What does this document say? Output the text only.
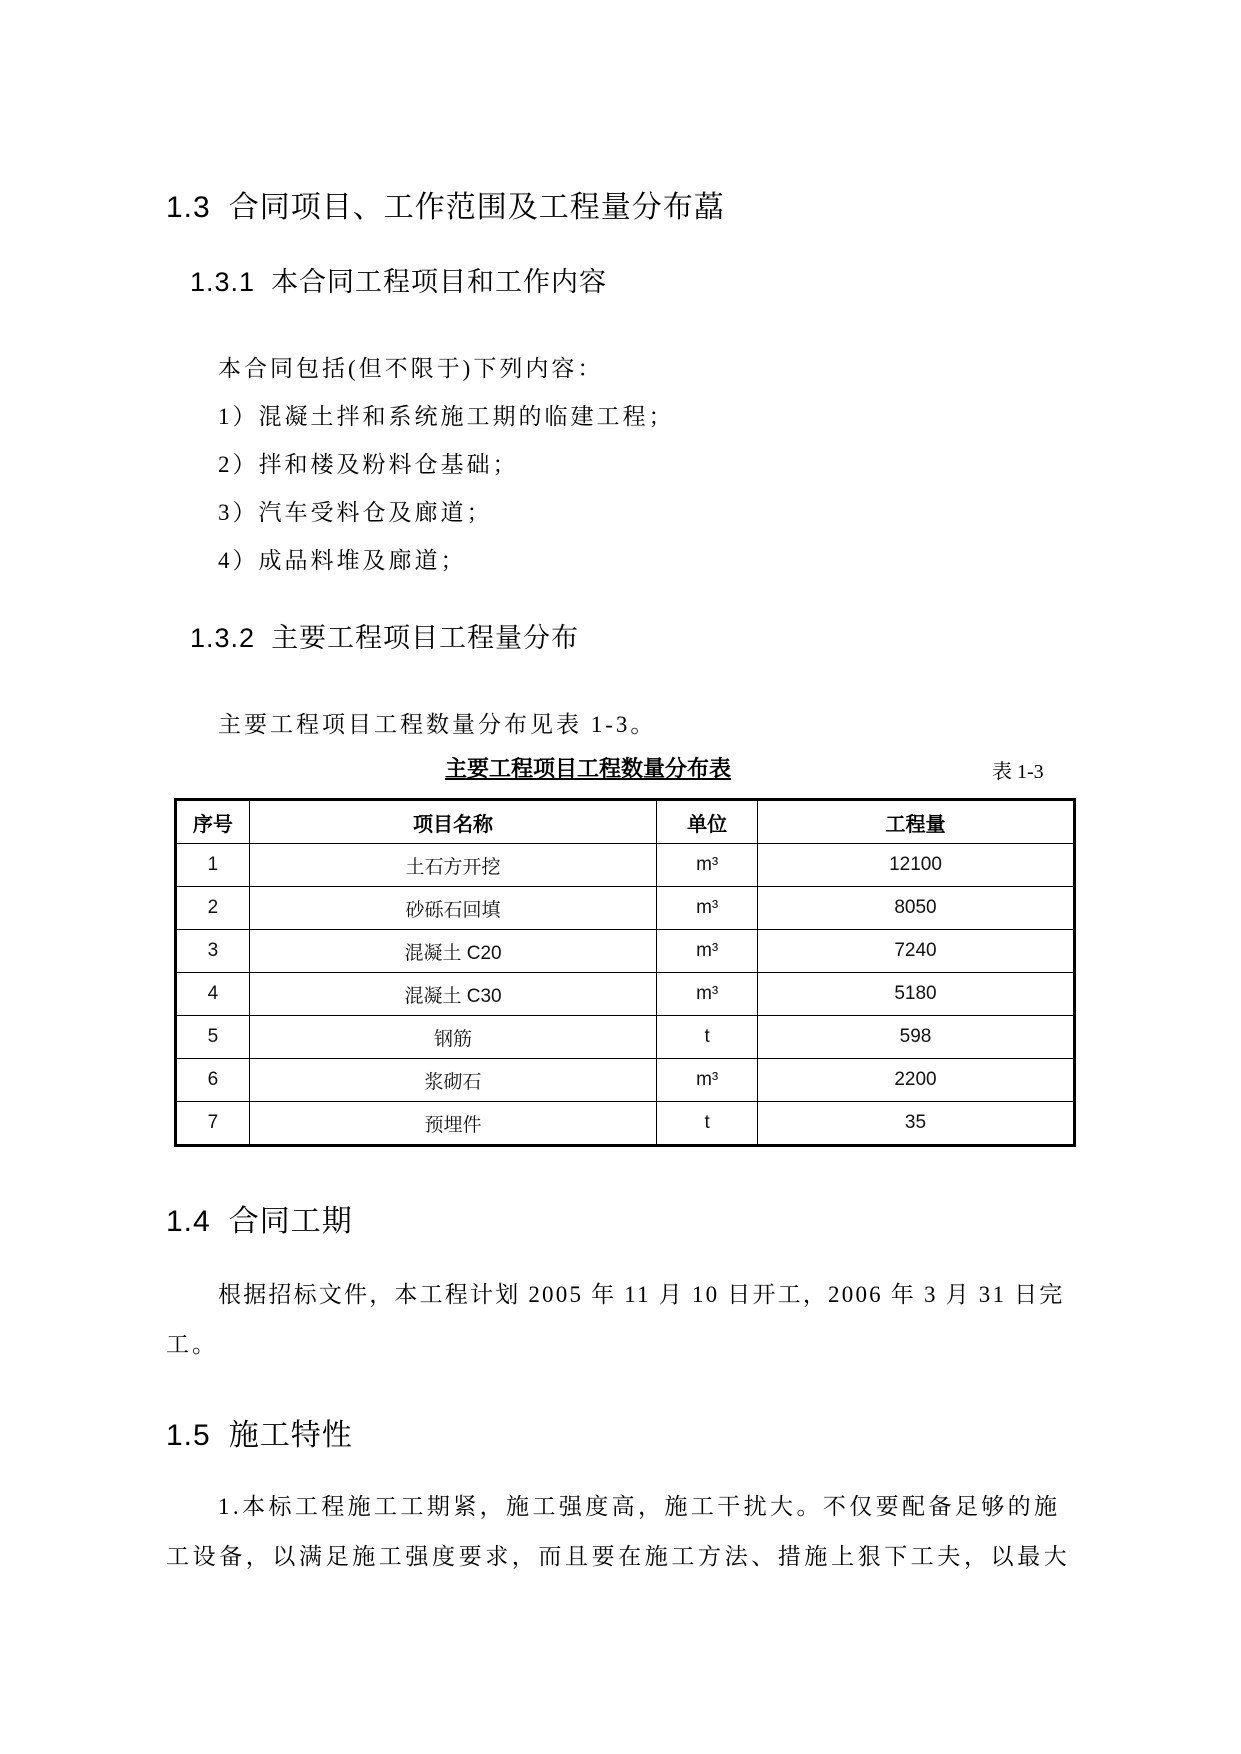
1.3 合同项目、工作范围及工程量分布藠
1.3.1 本合同工程项目和工作内容
本合同包括(但不限于)下列内容：
1）混凝土拌和系统施工期的临建工程；
2）拌和楼及粉料仓基础；
3）汽车受料仓及廊道；
4）成品料堆及廊道；
1.3.2 主要工程项目工程量分布
主要工程项目工程数量分布见表 1-3。
主要工程项目工程数量分布表	表 1-3
序号	项目名称	单位	工程量
1	土石方开挖	m³	12100
2	砂砾石回填	m³	8050
3	混凝土 C20	m³	7240
4	混凝土 C30	m³	5180
5	钢筋	t	598
6	浆砌石	m³	2200
7	预埋件	t	35
1.4 合同工期
根据招标文件，本工程计划 2005 年 11 月 10 日开工，2006 年 3 月 31 日完
工。
1.5 施工特性
1.本标工程施工工期紧，施工强度高，施工干扰大。不仅要配备足够的施
工设备，以满足施工强度要求，而且要在施工方法、措施上狠下工夫，以最大
